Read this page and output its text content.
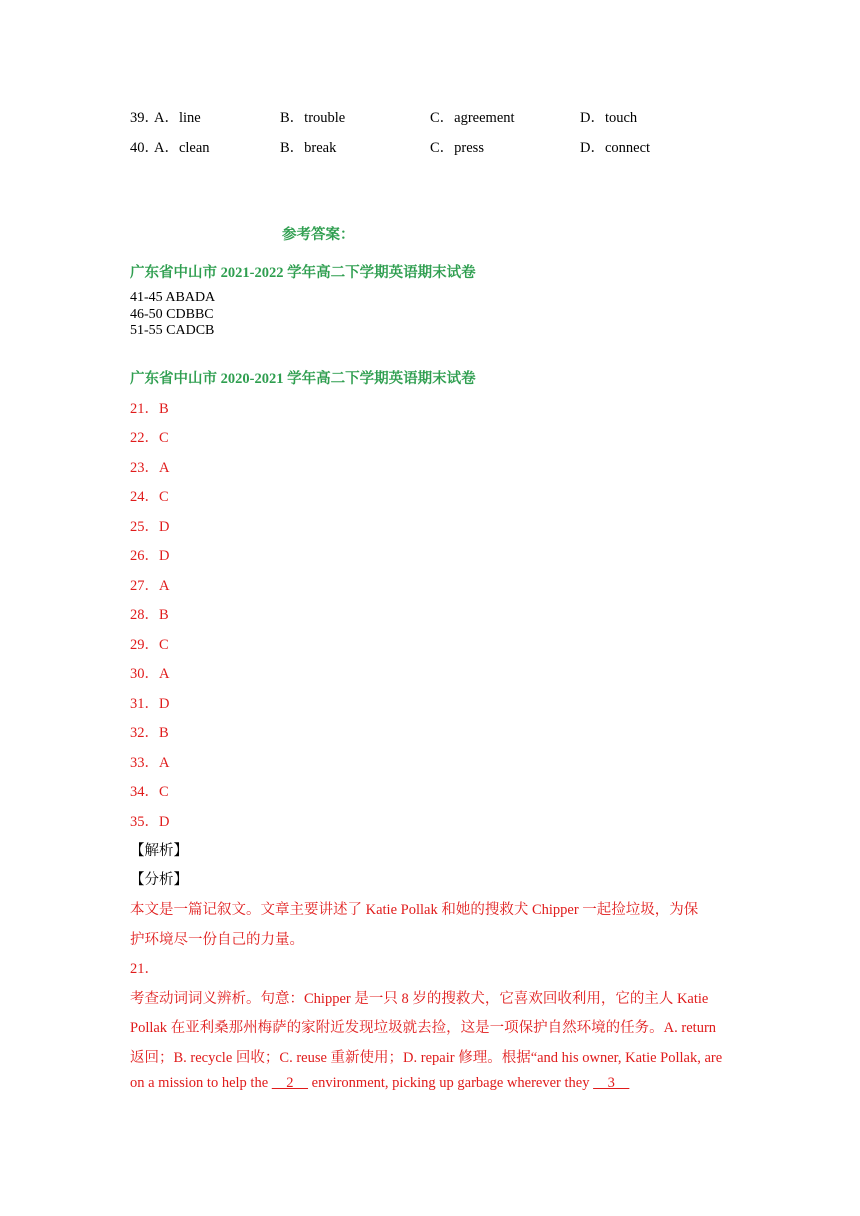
39．
A．line	B．trouble	C．agreement	D．touch
40．
A．clean	B．break	C．press	D．connect
参考答案：
广东省中山市 2021-2022 学年高二下学期英语期末试卷
41-45 ABADA
46-50 CDBBC
51-55 CADCB
广东省中山市 2020-2021 学年高二下学期英语期末试卷
21．B
22．C
23．A
24．C
25．D
26．D
27．A
28．B
29．C
30．A
31．D
32．B
33．A
34．C
35．D
【解析】
【分析】
本文是一篇记叙文。文章主要讲述了 Katie Pollak 和她的搜救犬 Chipper 一起捡垃圾，为保
护环境尽一份自己的力量。
21．
考查动词词义辨析。句意：Chipper 是一只 8 岁的搜救犬，它喜欢回收利用，它的主人 Katie
Pollak 在亚利桑那州梅萨的家附近发现垃圾就去捡，这是一项保护自然环境的任务。A. return
返回；B. recycle 回收；C. reuse 重新使用；D. repair 修理。根据“and his owner, Katie Pollak, are
on a mission to help the     2     environment, picking up garbage wherever they     3
